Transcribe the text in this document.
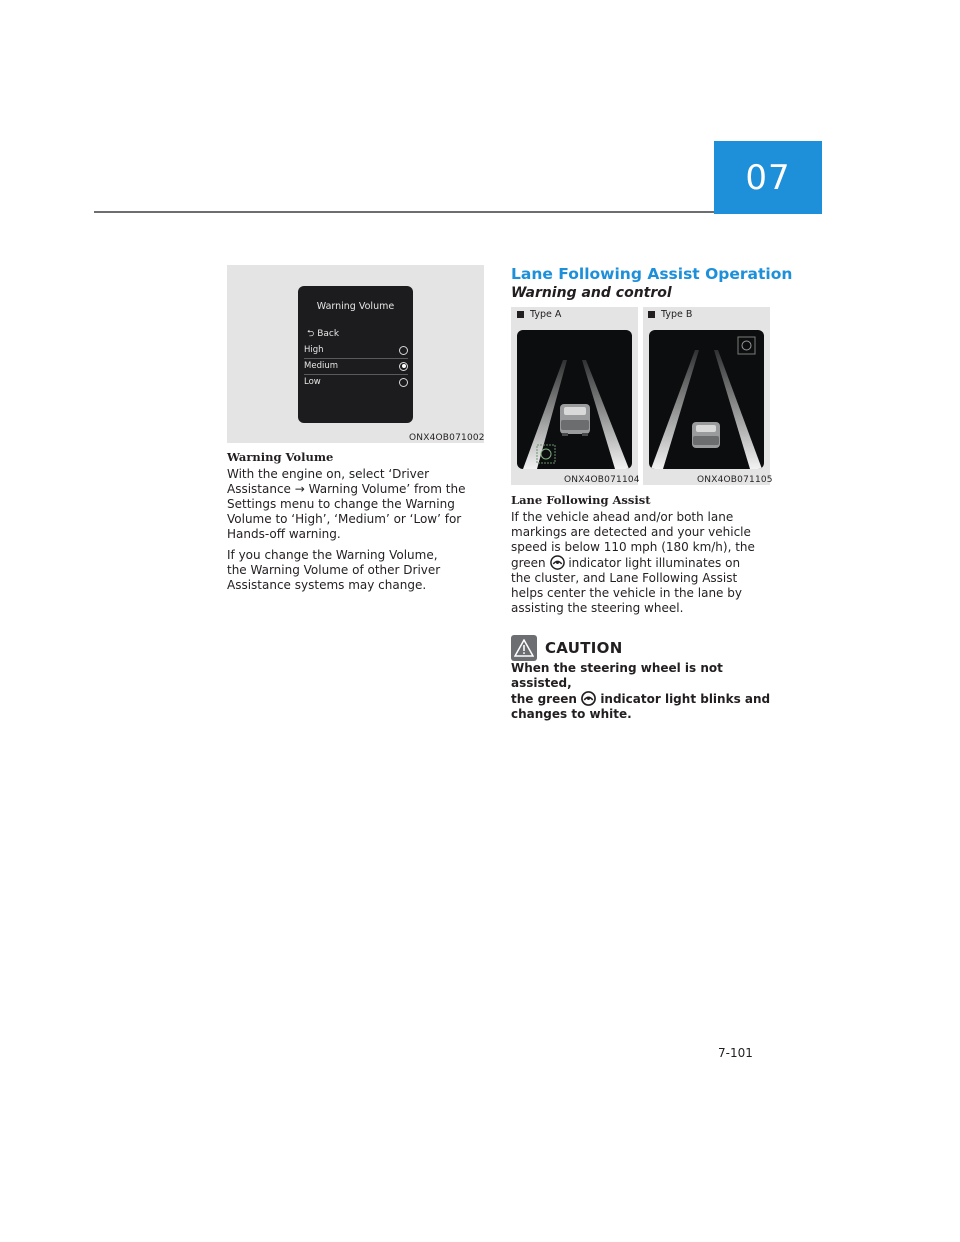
07
Warning Volume
⮌ Back
High
Medium
Low
ONX4OB071002
Warning Volume

With the engine on, select ‘Driver
Assistance → Warning Volume’ from the
Settings menu to change the Warning
Volume to ‘High’, ‘Medium’ or ‘Low’ for
Hands-off warning.

If you change the Warning Volume,
the Warning Volume of other Driver
Assistance systems may change.

Lane Following Assist Operation
Warning and control
Type A
ONX4OB071104
Type B
ONX4OB071105
Lane Following Assist
If the vehicle ahead and/or both lane
markings are detected and your vehicle
speed is below 110 mph (180 km/h), the
green indicator light illuminates on
the cluster, and Lane Following Assist
helps center the vehicle in the lane by
assisting the steering wheel.
CAUTION
When the steering wheel is not assisted,
the green indicator light blinks and
changes to white.
7-101
